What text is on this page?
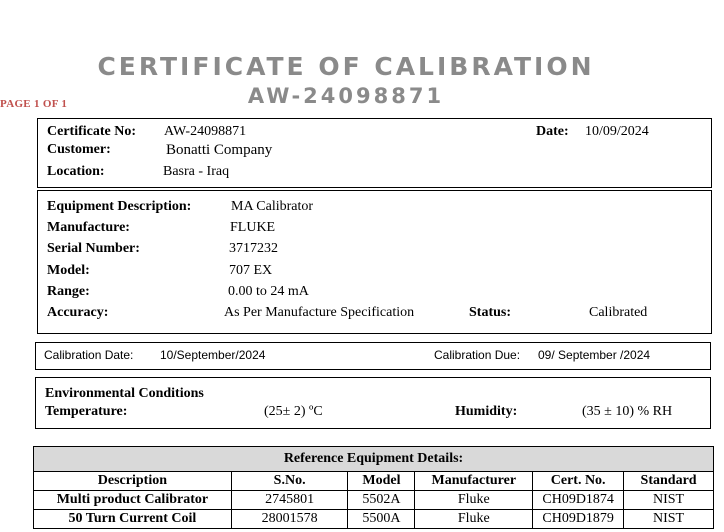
CERTIFICATE OF CALIBRATION
AW-24098871
PAGE 1 OF 1
Certificate No: AW-24098871	Date: 10/09/2024
Customer:	Bonatti Company
Location:	Basra - Iraq
Equipment Description:	MA Calibrator
Manufacture:	FLUKE
Serial Number:	3717232
Model:	707 EX
Range:	0.00 to 24 mA
Accuracy:	As Per Manufacture Specification	Status:	Calibrated
Calibration Date: 10/September/2024	Calibration Due: 09/ September /2024
Environmental Conditions
Temperature:	(25± 2) ºC	Humidity:	(35 ± 10) % RH
Reference Equipment Details:					
Description	S.No.	Model	Manufacturer	Cert. No.	Standard
Multi product Calibrator	2745801	5502A	Fluke	CH09D1874	NIST
50 Turn Current Coil	28001578	5500A	Fluke	CH09D1879	NIST
